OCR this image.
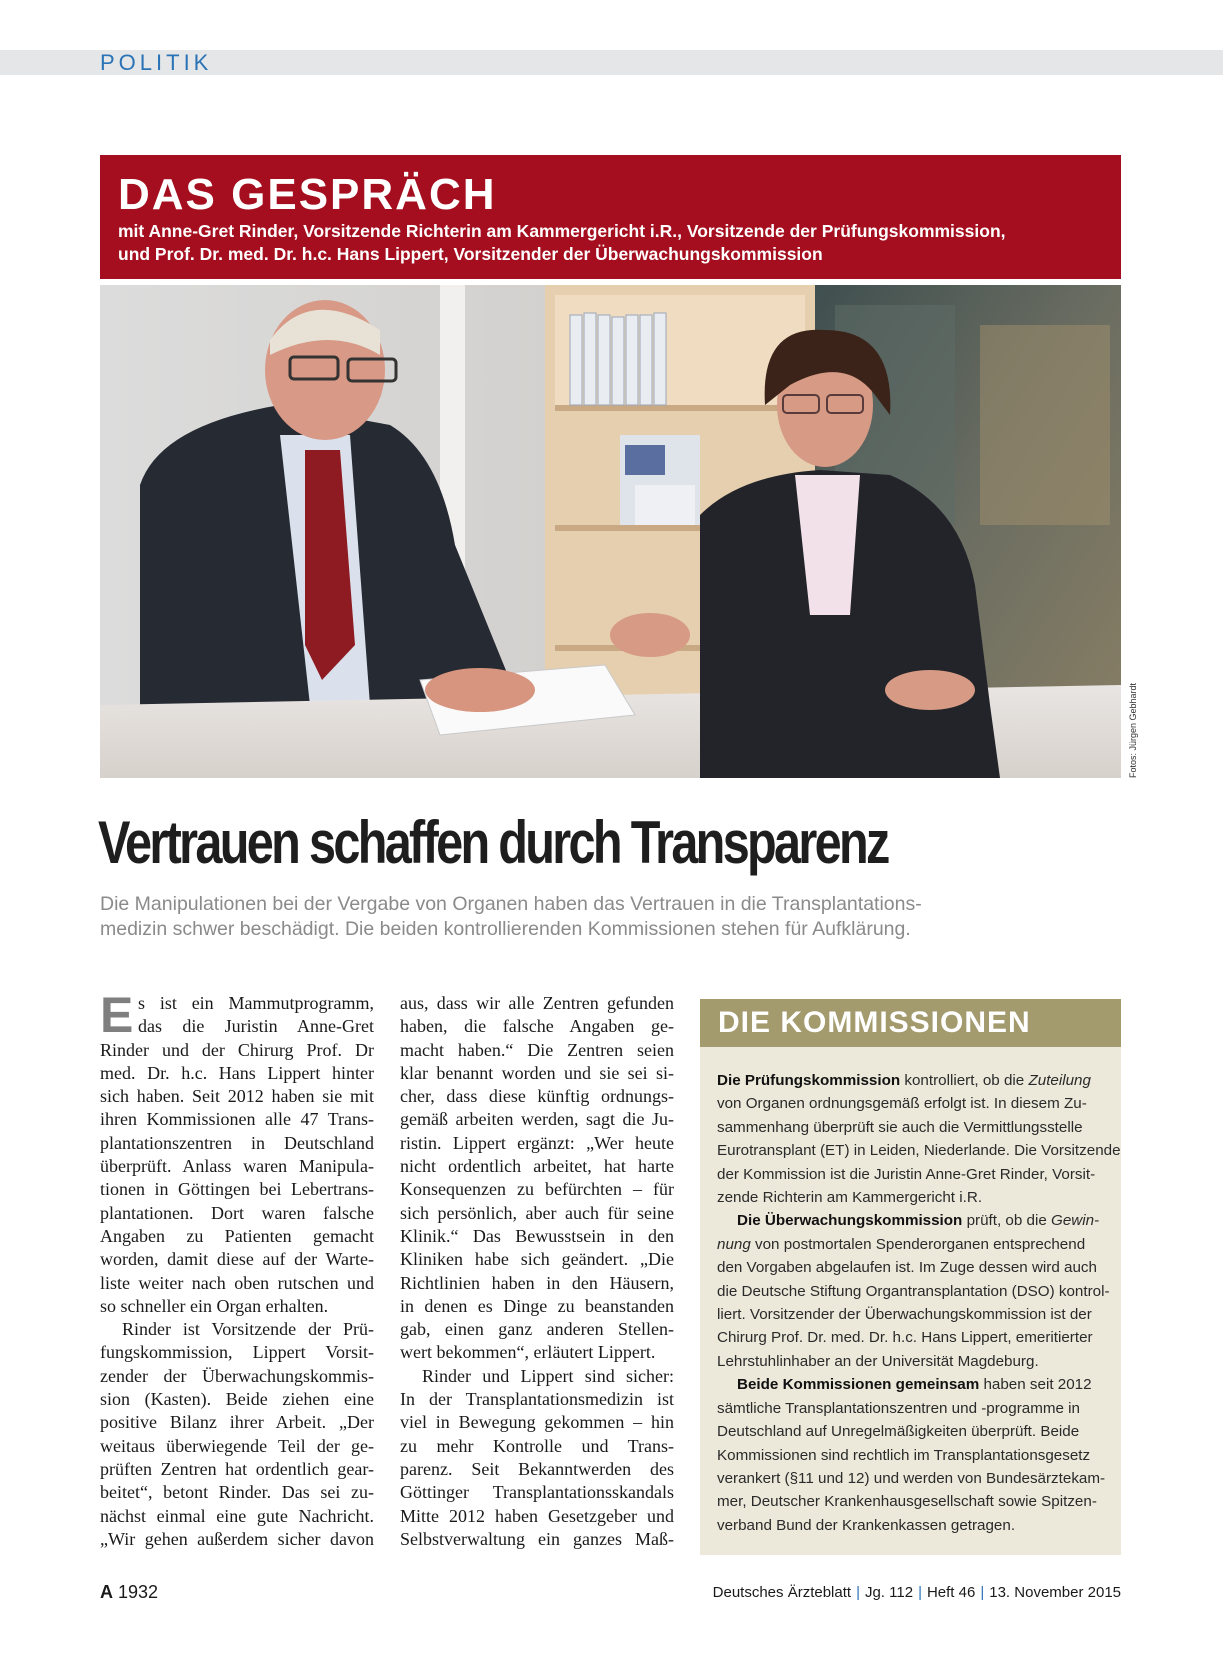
POLITIK
DAS GESPRÄCH
mit Anne-Gret Rinder, Vorsitzende Richterin am Kammergericht i.R., Vorsitzende der Prüfungskommission,
und Prof. Dr. med. Dr. h.c. Hans Lippert, Vorsitzender der Überwachungskommission
Fotos: Jürgen Gebhardt
Vertrauen schaffen durch Transparenz
Die Manipulationen bei der Vergabe von Organen haben das Vertrauen in die Transplantations-
medizin schwer beschädigt. Die beiden kontrollierenden Kommissionen stehen für Aufklärung.
E s ist ein Mammutprogramm,
das die Juristin Anne-Gret
Rinder und der Chirurg Prof. Dr
med. Dr. h.c. Hans Lippert hinter
sich haben. Seit 2012 haben sie mit
ihren Kommissionen alle 47 Trans-
plantationszentren in Deutschland
überprüft. Anlass waren Manipula-
tionen in Göttingen bei Lebertrans-
plantationen. Dort waren falsche
Angaben zu Patienten gemacht
worden, damit diese auf der Warte-
liste weiter nach oben rutschen und
so schneller ein Organ erhalten.
Rinder ist Vorsitzende der Prü-
fungskommission, Lippert Vorsit-
zender der Überwachungskommis-
sion (Kasten). Beide ziehen eine
positive Bilanz ihrer Arbeit. „Der
weitaus überwiegende Teil der ge-
prüften Zentren hat ordentlich gear-
beitet“, betont Rinder. Das sei zu-
nächst einmal eine gute Nachricht.
„Wir gehen außerdem sicher davon
aus, dass wir alle Zentren gefunden
haben, die falsche Angaben ge-
macht haben.“ Die Zentren seien
klar benannt worden und sie sei si-
cher, dass diese künftig ordnungs-
gemäß arbeiten werden, sagt die Ju-
ristin. Lippert ergänzt: „Wer heute
nicht ordentlich arbeitet, hat harte
Konsequenzen zu befürchten – für
sich persönlich, aber auch für seine
Klinik.“ Das Bewusstsein in den
Kliniken habe sich geändert. „Die
Richtlinien haben in den Häusern,
in denen es Dinge zu beanstanden
gab, einen ganz anderen Stellen-
wert bekommen“, erläutert Lippert.
Rinder und Lippert sind sicher:
In der Transplantationsmedizin ist
viel in Bewegung gekommen – hin
zu mehr Kontrolle und Trans-
parenz. Seit Bekanntwerden des
Göttinger Transplantationsskandals
Mitte 2012 haben Gesetzgeber und
Selbstverwaltung ein ganzes Maß-
DIE KOMMISSIONEN
Die Prüfungskommission kontrolliert, ob die Zuteilung
von Organen ordnungsgemäß erfolgt ist. In diesem Zu-
sammenhang überprüft sie auch die Vermittlungsstelle
Eurotransplant (ET) in Leiden, Niederlande. Die Vorsitzende
der Kommission ist die Juristin Anne-Gret Rinder, Vorsit-
zende Richterin am Kammergericht i.R.
Die Überwachungskommission prüft, ob die Gewin-
nung von postmortalen Spenderorganen entsprechend
den Vorgaben abgelaufen ist. Im Zuge dessen wird auch
die Deutsche Stiftung Organtransplantation (DSO) kontrol-
liert. Vorsitzender der Überwachungskommission ist der
Chirurg Prof. Dr. med. Dr. h.c. Hans Lippert, emeritierter
Lehrstuhlinhaber an der Universität Magdeburg.
Beide Kommissionen gemeinsam haben seit 2012
sämtliche Transplantationszentren und -programme in
Deutschland auf Unregelmäßigkeiten überprüft. Beide
Kommissionen sind rechtlich im Transplantationsgesetz
verankert (§11 und 12) und werden von Bundesärztekam-
mer, Deutscher Krankenhausgesellschaft sowie Spitzen-
verband Bund der Krankenkassen getragen.
A 1932	Deutsches Ärzteblatt | Jg. 112 | Heft 46 | 13. November 2015
